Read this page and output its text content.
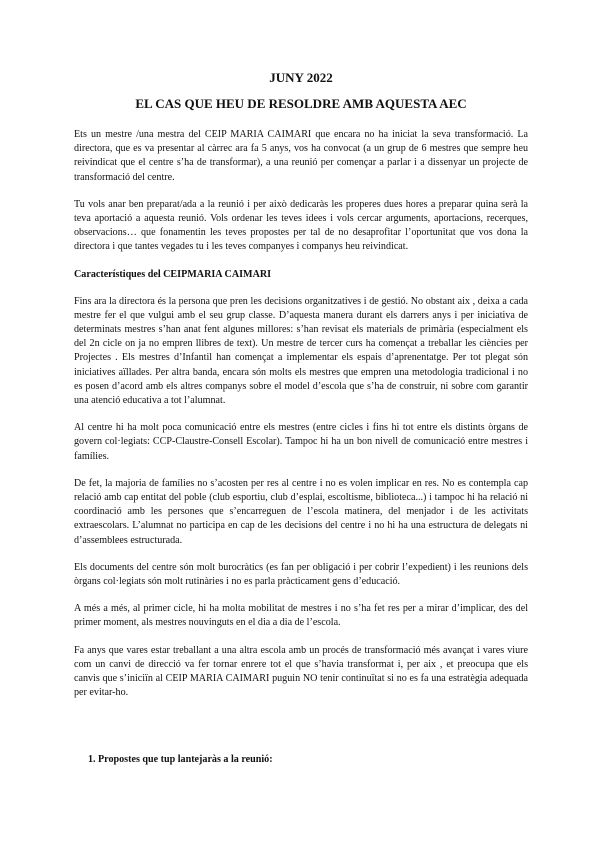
JUNY 2022
EL CAS QUE HEU DE RESOLDRE AMB AQUESTA AEC

Ets un mestre /una mestra del CEIP MARIA CAIMARI que encara no ha iniciat la seva transformació. La directora, que es va presentar al càrrec ara fa 5 anys, vos ha convocat (a un grup de 6 mestres que sempre heu reivindicat que el centre s’ha de transformar), a una reunió per començar a parlar i a dissenyar un projecte de transformació del centre.

Tu vols anar ben preparat/ada a la reunió i per això dedicaràs les properes dues hores a preparar quina serà la teva aportació a aquesta reunió. Vols ordenar les teves idees i vols cercar arguments, aportacions, recerques, observacions… que fonamentin les teves propostes per tal de no desaprofitar l’oportunitat que vos dona la directora i que tantes vegades tu i les teves companyes i companys heu reivindicat.

Característiques del CEIPMARIA CAIMARI

Fins ara la directora és la persona que pren les decisions organitzatives i de gestió. No obstant aix , deixa a cada mestre fer el que vulgui amb el seu grup classe. D’aquesta manera durant els darrers anys i per iniciativa de determinats mestres s’han anat fent algunes millores: s’han revisat els materials de primària (especialment els del 2n cicle on ja no empren llibres de text). Un mestre de tercer curs ha començat a treballar les ciències per Projectes . Els mestres d’Infantil han començat a implementar els espais d’aprenentatge. Per tot plegat són iniciatives aïllades. Per altra banda, encara són molts els mestres que empren una metodologia tradicional i no es posen d’acord amb els altres companys sobre el model d’escola que s’ha de construir, ni sobre com garantir una atenció educativa a tot l’alumnat.

Al centre hi ha molt poca comunicació entre els mestres (entre cicles i fins hi tot entre els distints òrgans de govern col·legiats: CCP-Claustre-Consell Escolar). Tampoc hi ha un bon nivell de comunicació entre mestres i famílies.

De fet, la majoria de famílies no s’acosten per res al centre i no es volen implicar en res. No es contempla cap relació amb cap entitat del poble (club esportiu, club d’esplai, escoltisme, biblioteca...) i tampoc hi ha relació ni coordinació amb les persones que s’encarreguen de l’escola matinera, del menjador i de les activitats extraescolars. L’alumnat no participa en cap de les decisions del centre i no hi ha una estructura de delegats ni d’assemblees estructurada.

Els documents del centre són molt burocràtics (es fan per obligació i per cobrir l’expedient) i les reunions dels òrgans col·legiats són molt rutinàries i no es parla pràcticament gens d’educació.

A més a més, al primer cicle, hi ha molta mobilitat de mestres i no s’ha fet res per a mirar d’implicar, des del primer moment, als mestres nouvinguts en el dia a dia de l’escola.

Fa anys que vares estar treballant a una altra escola amb un procés de transformació més avançat i vares viure com un canvi de direcció va fer tornar enrere tot el que s’havia transformat i, per aix , et preocupa que els canvis que s’iniciïn al CEIP MARIA CAIMARI puguin NO tenir continuïtat si no es fa una estratègia adequada per evitar-ho.

1. Propostes que tup lantejaràs a la reunió:
